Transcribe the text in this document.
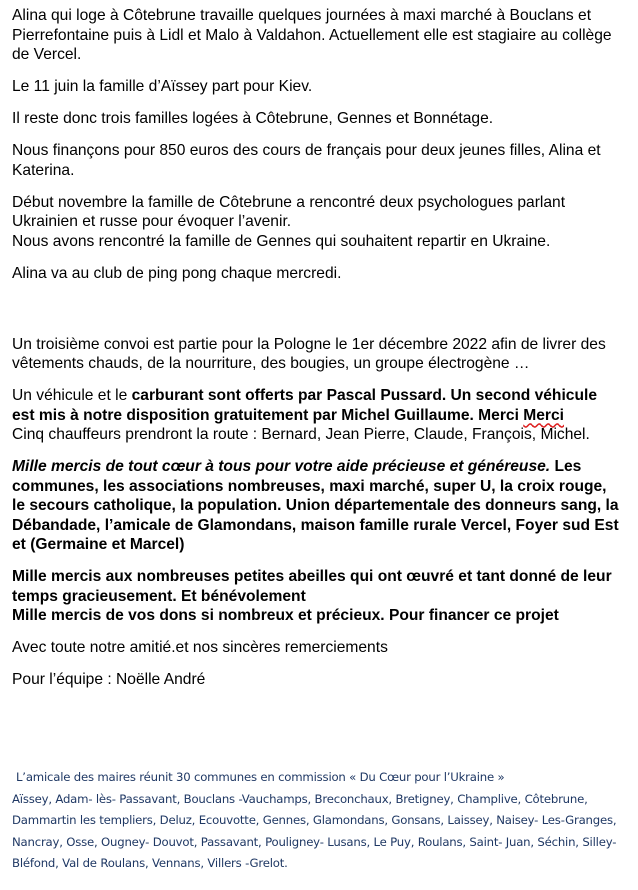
Alina qui loge à Côtebrune travaille quelques journées à maxi marché à Bouclans et Pierrefontaine puis à Lidl et Malo à Valdahon. Actuellement elle est stagiaire au collège de Vercel.

Le 11 juin la famille d’Aïssey part pour Kiev.

Il reste donc trois familles logées à Côtebrune, Gennes et Bonnétage.

Nous finançons pour 850 euros des cours de français pour deux jeunes filles, Alina et Katerina.

Début novembre la famille de Côtebrune a rencontré deux psychologues parlant Ukrainien et russe pour évoquer l’avenir.
Nous avons rencontré la famille de Gennes qui souhaitent repartir en Ukraine.

Alina va au club de ping pong chaque mercredi.

Un troisième convoi est partie pour la Pologne le 1er décembre 2022 afin de livrer des vêtements chauds, de la nourriture, des bougies, un groupe électrogène …

Un véhicule et le carburant sont offerts par Pascal Pussard. Un second véhicule est mis à notre disposition gratuitement par Michel Guillaume. Merci Merci
Cinq chauffeurs prendront la route : Bernard, Jean Pierre, Claude, François, Michel.

Mille mercis de tout cœur à tous pour votre aide précieuse et généreuse. Les communes, les associations nombreuses, maxi marché, super U, la croix rouge, le secours catholique, la population. Union départementale des donneurs sang, la Débandade, l’amicale de Glamondans, maison famille rurale Vercel, Foyer sud Est et (Germaine et Marcel)

Mille mercis aux nombreuses petites abeilles qui ont œuvré et tant donné de leur temps gracieusement. Et bénévolement
Mille mercis de vos dons si nombreux et précieux. Pour financer ce projet

Avec toute notre amitié.et nos sincères remerciements

Pour l’équipe : Noëlle André

L’amicale des maires réunit 30 communes en commission « Du Cœur pour l’Ukraine »
Aïssey, Adam- lès- Passavant, Bouclans -Vauchamps, Breconchaux, Bretigney, Champlive, Côtebrune, Dammartin les templiers, Deluz, Ecouvotte, Gennes, Glamondans, Gonsans, Laissey, Naisey- Les-Granges, Nancray, Osse, Ougney- Douvot, Passavant, Pouligney- Lusans, Le Puy, Roulans, Saint- Juan, Séchin, Silley- Bléfond, Val de Roulans, Vennans, Villers -Grelot.
